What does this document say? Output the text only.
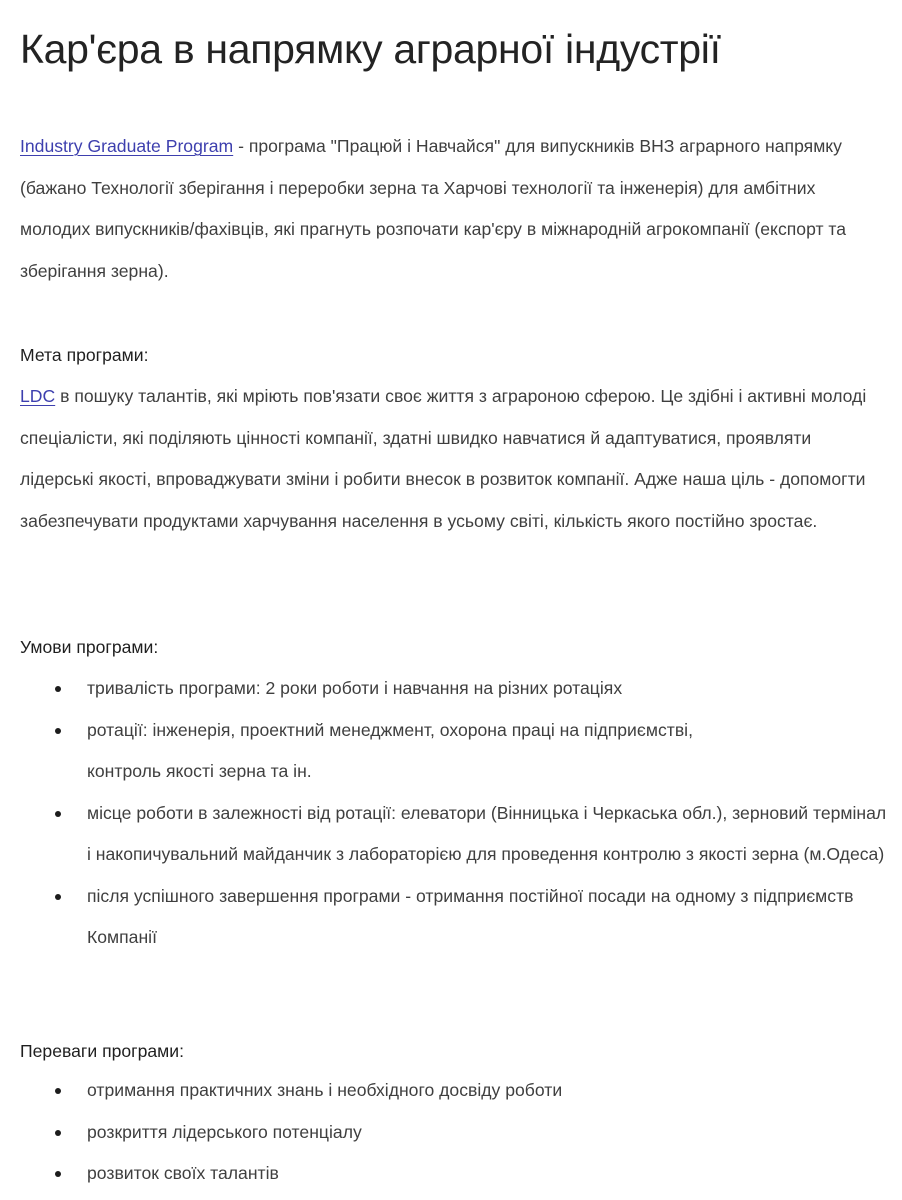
Кар'єра в напрямку аграрної індустрії

Industry Graduate Program - програма "Працюй і Навчайся" для випускників ВНЗ аграрного напрямку (бажано Технології зберігання і переробки зерна та Харчові технології та інженерія) для амбітних молодих випускників/фахівців, які прагнуть розпочати кар'єру в міжнародній агрокомпанії (експорт та зберігання зерна).

Мета програми:

LDC в пошуку талантів, які мріють пов'язати своє життя з аграроною сферою. Це здібні і активні молоді спеціалісти, які поділяють цінності компанії, здатні швидко навчатися й адаптуватися, проявляти лідерські якості, впроваджувати зміни і робити внесок в розвиток компанії. Адже наша ціль - допомогти забезпечувати продуктами харчування населення в усьому світі, кількість якого постійно зростає.

Умови програми:
тривалість програми: 2 роки роботи і навчання на різних ротаціях
ротації: інженерія, проектний менеджмент, охорона праці на підприємстві, контроль якості зерна та ін.
місце роботи в залежності від ротації: елеватори (Вінницька і Черкаська обл.), зерновий термінал і накопичувальний майданчик з лабораторією для проведення контролю з якості зерна (м.Одеса)
після успішного завершення програми - отримання постійної посади на одному з підприємств Компанії
Переваги програми:
отримання практичних знань і необхідного досвіду роботи
розкриття лідерського потенціалу
розвиток своїх талантів
